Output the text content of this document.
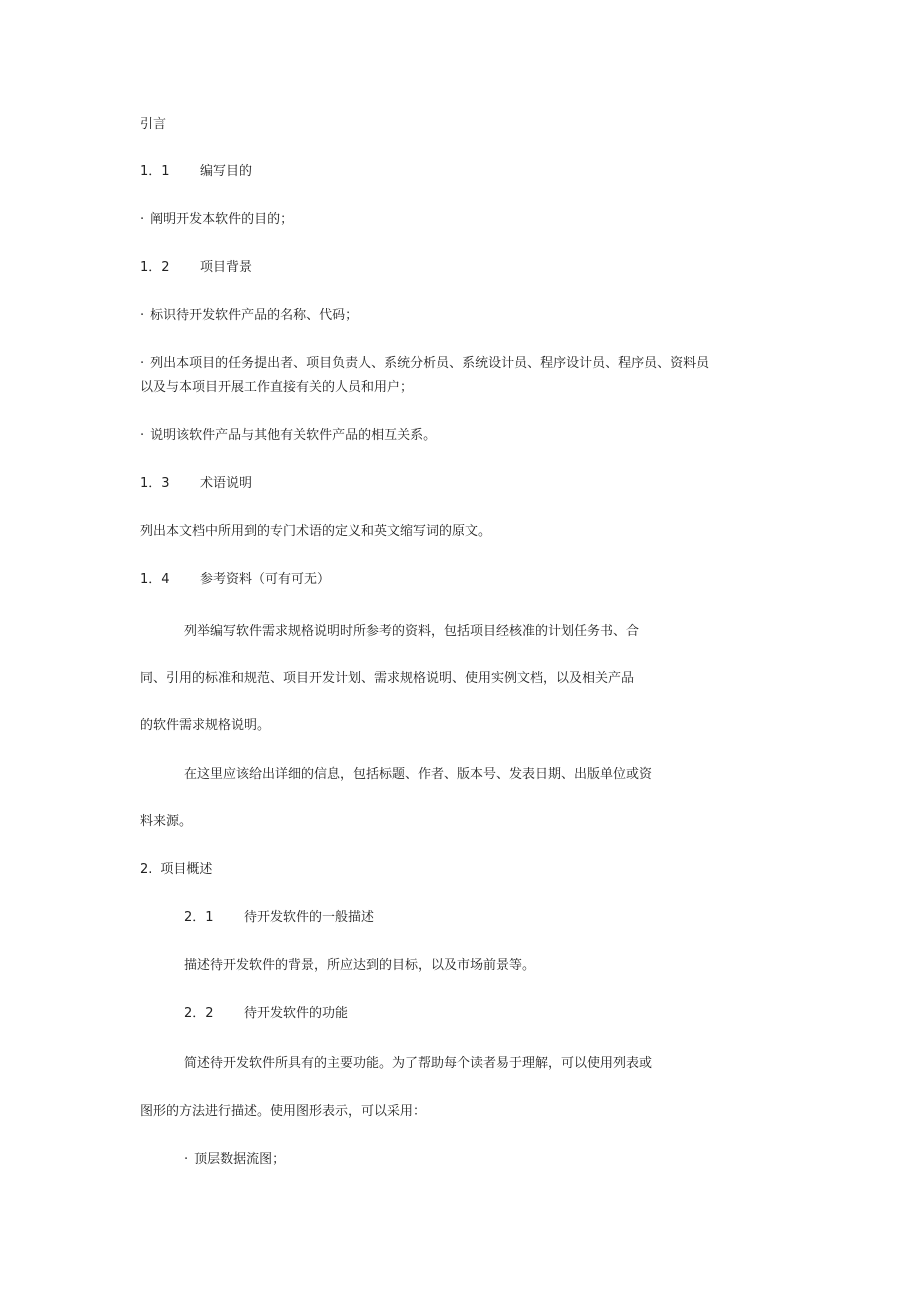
引言
1．1 编写目的
· 阐明开发本软件的目的；
1．2 项目背景
· 标识待开发软件产品的名称、代码；
· 列出本项目的任务提出者、项目负责人、系统分析员、系统设计员、程序设计员、程序员、资料员
以及与本项目开展工作直接有关的人员和用户；
· 说明该软件产品与其他有关软件产品的相互关系。
1．3 术语说明
列出本文档中所用到的专门术语的定义和英文缩写词的原文。
1．4 参考资料（可有可无）
列举编写软件需求规格说明时所参考的资料，包括项目经核准的计划任务书、合
同、引用的标准和规范、项目开发计划、需求规格说明、使用实例文档，以及相关产品
的软件需求规格说明。
在这里应该给出详细的信息，包括标题、作者、版本号、发表日期、出版单位或资
料来源。
2. 项目概述
2．1 待开发软件的一般描述
描述待开发软件的背景，所应达到的目标，以及市场前景等。
2．2 待开发软件的功能
简述待开发软件所具有的主要功能。为了帮助每个读者易于理解，可以使用列表或
图形的方法进行描述。使用图形表示，可以采用：
· 顶层数据流图；
